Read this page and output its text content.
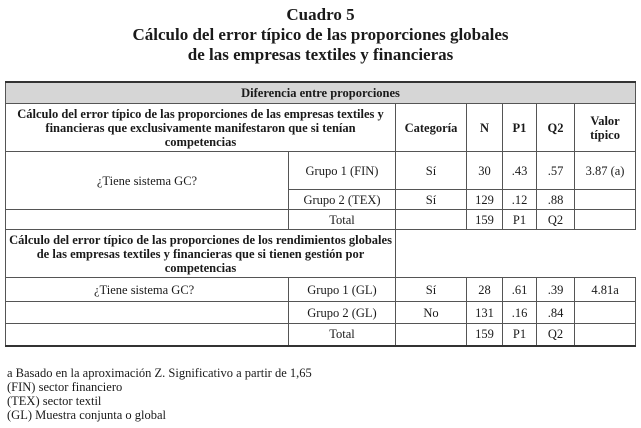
Cuadro 5
Cálculo del error típico de las proporciones globales
de las empresas textiles y financieras
Diferencia entre proporciones						
Cálculo del error típico de las proporciones de las empresas textiles y financieras que exclusivamente manifestaron que si tenían competencias		Categoría	N	P1	Q2	Valor típico
¿Tiene sistema GC?	Grupo 1 (FIN)	Sí	30	.43	.57	3.87 (a)
	Grupo 2 (TEX)	Sí	129	.12	.88	
	Total		159	P1	Q2	
Cálculo del error típico de las proporciones de los rendimientos globales de las empresas textiles y financieras que si tienen gestión por competencias						
¿Tiene sistema GC?	Grupo 1 (GL)	Sí	28	.61	.39	4.81a
	Grupo 2 (GL)	No	131	.16	.84	
	Total		159	P1	Q2	
a Basado en la aproximación Z. Significativo a partir de 1,65
(FIN) sector financiero
(TEX) sector textil
(GL) Muestra conjunta o global
